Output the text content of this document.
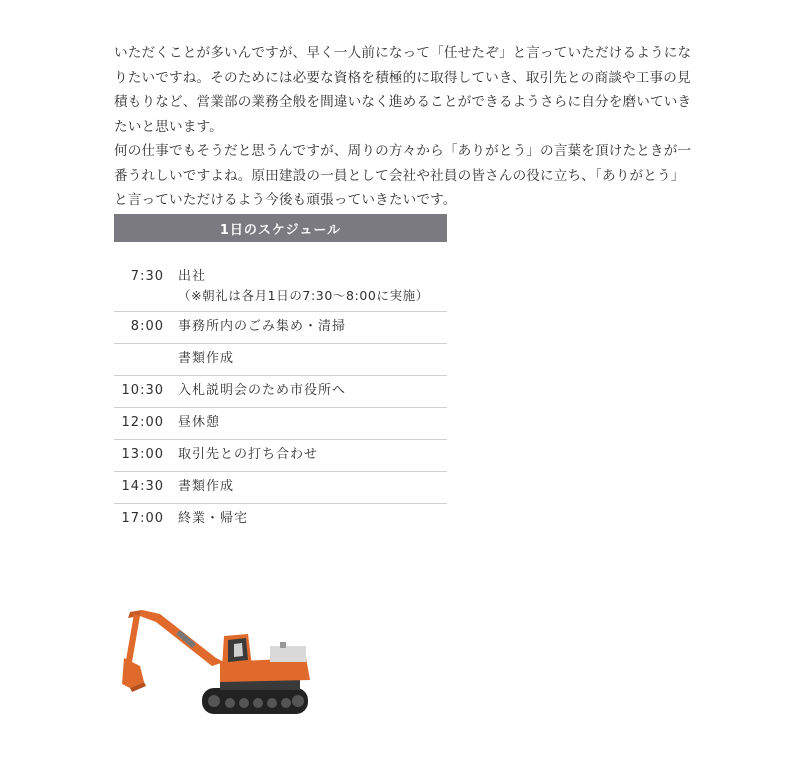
いただくことが多いんですが、早く一人前になって「任せたぞ」と言っていただけるようになりたいですね。そのためには必要な資格を積極的に取得していき、取引先との商談や工事の見積もりなど、営業部の業務全般を間違いなく進めることができるようさらに自分を磨いていきたいと思います。

何の仕事でもそうだと思うんですが、周りの方々から「ありがとう」の言葉を頂けたときが一番うれしいですよね。原田建設の一員として会社や社員の皆さんの役に立ち、「ありがとう」と言っていただけるよう今後も頑張っていきたいです。

1日のスケジュール
7:30 出社
（※朝礼は各月1日の7:30〜8:00に実施）
8:00 事務所内のごみ集め・清掃
書類作成
10:30 入札説明会のため市役所へ
12:00 昼休憩
13:00 取引先との打ち合わせ
14:30 書類作成
17:00 終業・帰宅
